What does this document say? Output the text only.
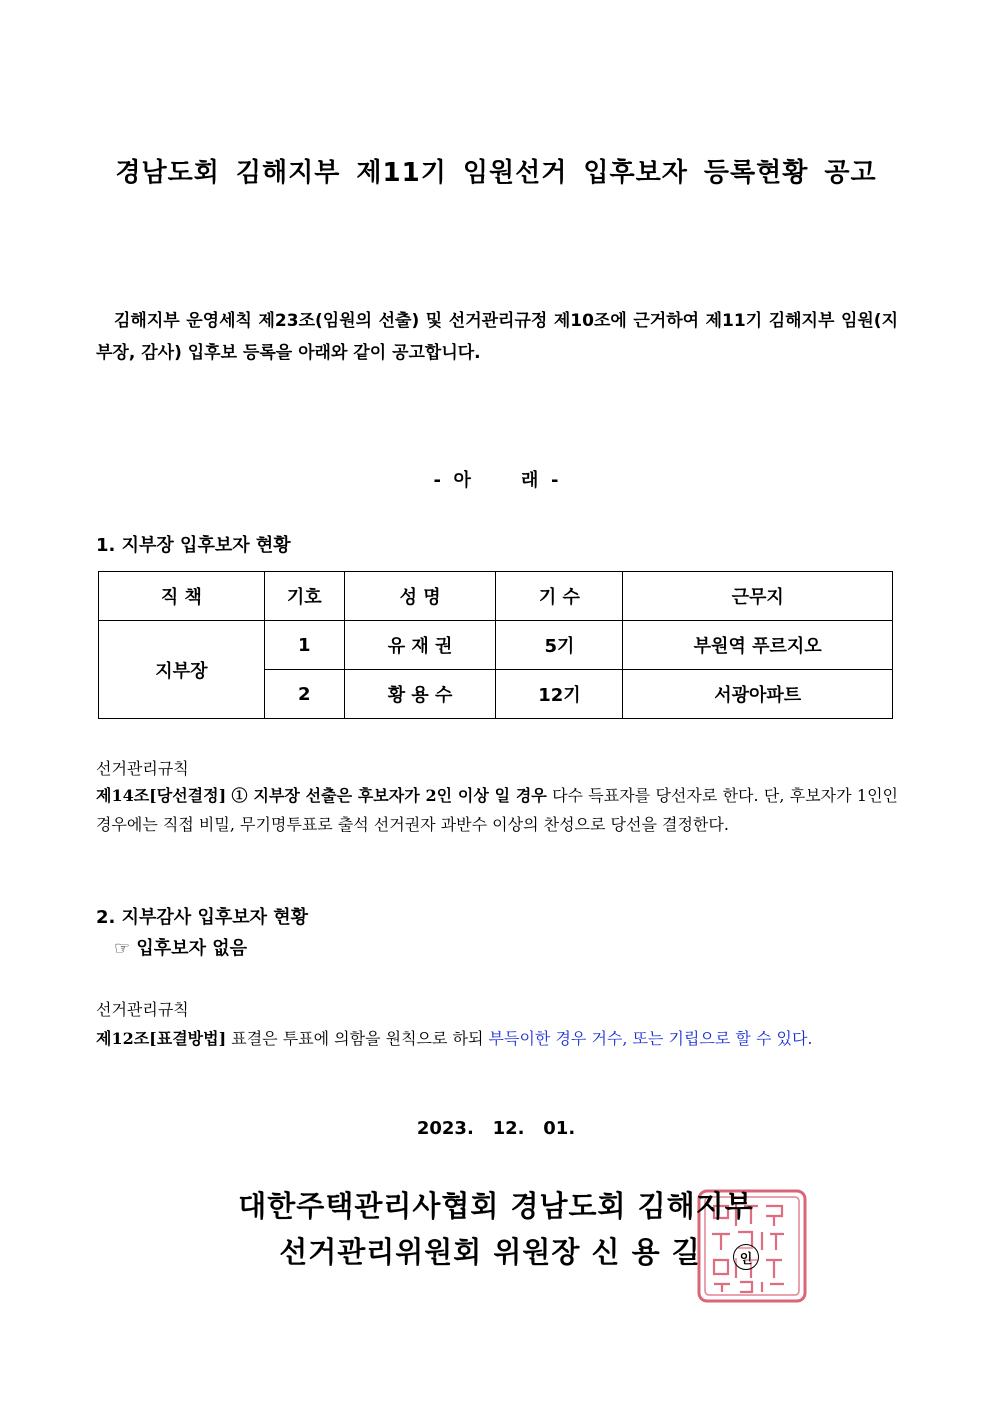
경남도회 김해지부 제11기 임원선거 입후보자 등록현황 공고
김해지부 운영세칙 제23조(임원의 선출) 및 선거관리규정 제10조에 근거하여 제11기 김해지부 임원(지부장, 감사) 입후보 등록을 아래와 같이 공고합니다.
-  아        래  -
1. 지부장 입후보자 현황
직 책	기호	성 명	기 수	근무지
지부장	1	유 재 권	5기	부원역 푸르지오
	2	황 용 수	12기	서광아파트
선거관리규칙
제14조[당선결정] ① 지부장 선출은 후보자가 2인 이상 일 경우 다수 득표자를 당선자로 한다. 단, 후보자가 1인인 경우에는 직접 비밀, 무기명투표로 출석 선거권자 과반수 이상의 찬성으로 당선을 결정한다.
2. 지부감사 입후보자 현황
☞ 입후보자 없음
선거관리규칙
제12조[표결방법] 표결은 투표에 의함을 원칙으로 하되 부득이한 경우 거수, 또는 기립으로 할 수 있다.
2023.   12.   01.
대한주택관리사협회 경남도회 김해지부
선거관리위원회 위원장 신 용 길	인
